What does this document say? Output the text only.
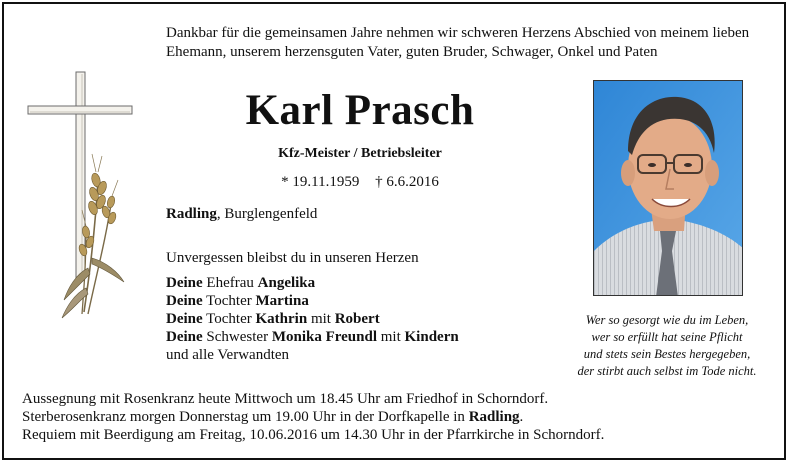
Dankbar für die gemeinsamen Jahre nehmen wir schweren Herzens Abschied von meinem lieben
Ehemann, unserem herzensguten Vater, guten Bruder, Schwager, Onkel und Paten
Karl Prasch
Kfz-Meister / Betriebsleiter
* 19.11.1959 † 6.6.2016
Radling, Burglengenfeld
Unvergessen bleibst du in unseren Herzen
Deine Ehefrau Angelika
Deine Tochter Martina
Deine Tochter Kathrin mit Robert
Deine Schwester Monika Freundl mit Kindern
und alle Verwandten
Wer so gesorgt wie du im Leben,
wer so erfüllt hat seine Pflicht
und stets sein Bestes hergegeben,
der stirbt auch selbst im Tode nicht.
Aussegnung mit Rosenkranz heute Mittwoch um 18.45 Uhr am Friedhof in Schorndorf.
Sterberosenkranz morgen Donnerstag um 19.00 Uhr in der Dorfkapelle in Radling.
Requiem mit Beerdigung am Freitag, 10.06.2016 um 14.30 Uhr in der Pfarrkirche in Schorndorf.
